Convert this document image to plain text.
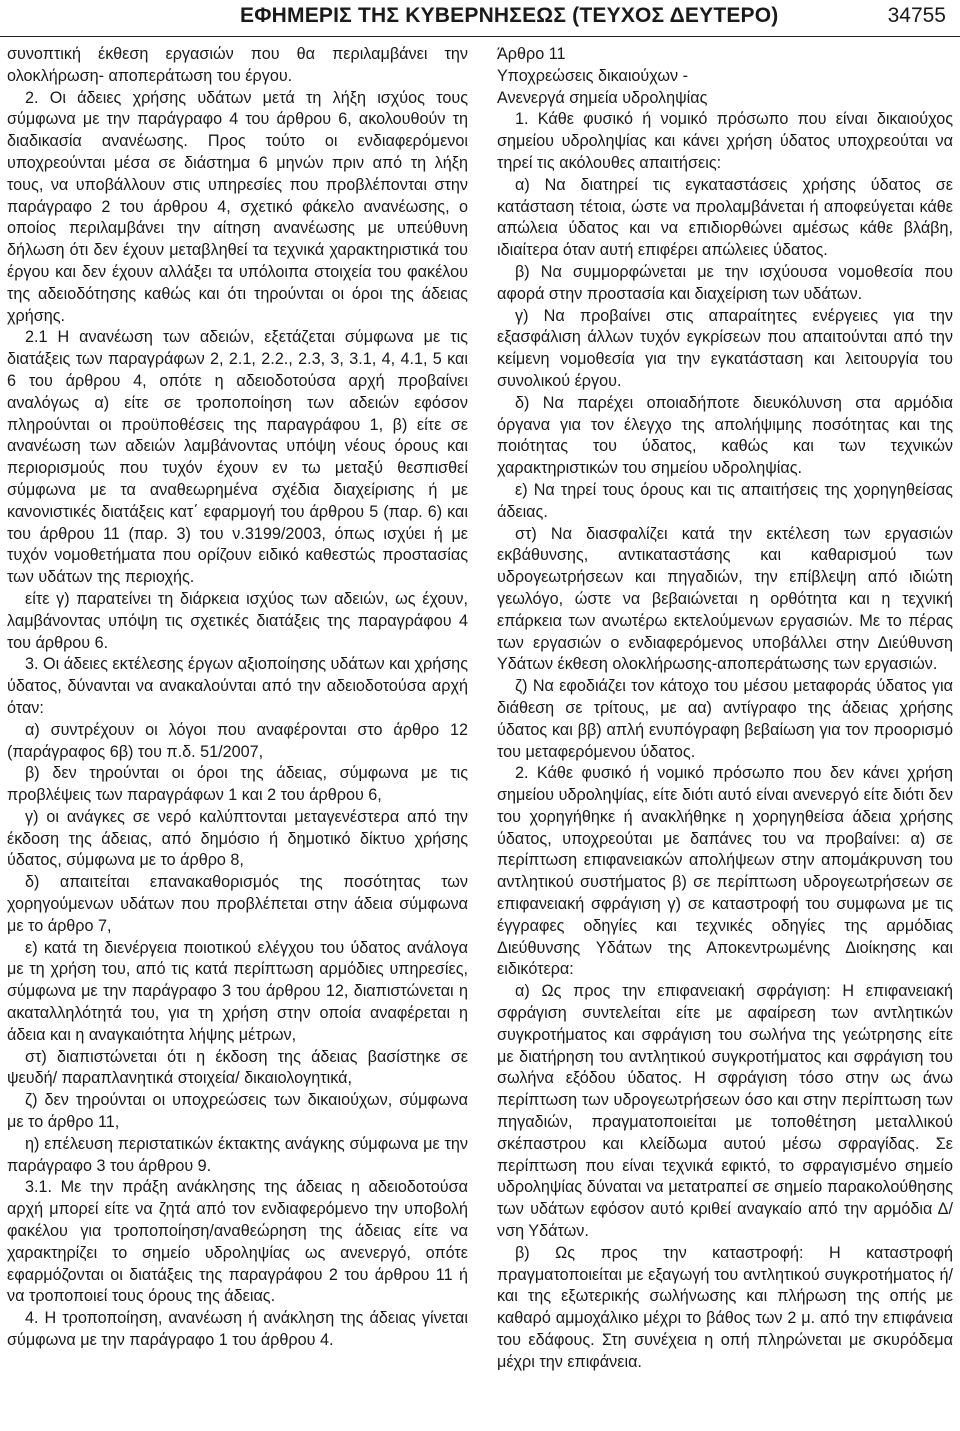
ΕΦΗΜΕΡΙΣ ΤΗΣ ΚΥΒΕΡΝΗΣΕΩΣ (ΤΕΥΧΟΣ ΔΕΥΤΕΡΟ)	34755

συνοπτική έκθεση εργασιών που θα περιλαμβάνει την ολοκλήρωση- αποπεράτωση του έργου.

2. Οι άδειες χρήσης υδάτων μετά τη λήξη ισχύος τους σύμφωνα με την παράγραφο 4 του άρθρου 6, ακολουθούν τη διαδικασία ανανέωσης. Προς τούτο οι ενδιαφερόμενοι υποχρεούνται μέσα σε διάστημα 6 μηνών πριν από τη λήξη τους, να υποβάλλουν στις υπηρεσίες που προβλέπονται στην παράγραφο 2 του άρθρου 4, σχετικό φάκελο ανανέωσης, ο οποίος περιλαμβάνει την αίτηση ανανέωσης με υπεύθυνη δήλωση ότι δεν έχουν μεταβληθεί τα τεχνικά χαρακτηριστικά του έργου και δεν έχουν αλλάξει τα υπόλοιπα στοιχεία του φακέλου της αδειοδότησης καθώς και ότι τηρούνται οι όροι της άδειας χρήσης.

2.1 Η ανανέωση των αδειών, εξετάζεται σύμφωνα με τις διατάξεις των παραγράφων 2, 2.1, 2.2., 2.3, 3, 3.1, 4, 4.1, 5 και 6 του άρθρου 4, οπότε η αδειοδοτούσα αρχή προβαίνει αναλόγως α) είτε σε τροποποίηση των αδειών εφόσον πληρούνται οι προϋποθέσεις της παραγράφου 1, β) είτε σε ανανέωση των αδειών λαμβάνοντας υπόψη νέους όρους και περιορισμούς που τυχόν έχουν εν τω μεταξύ θεσπισθεί σύμφωνα με τα αναθεωρημένα σχέδια διαχείρισης ή με κανονιστικές διατάξεις κατ΄ εφαρμογή του άρθρου 5 (παρ. 6) και του άρθρου 11 (παρ. 3) του ν.3199/2003, όπως ισχύει ή με τυχόν νομοθετήματα που ορίζουν ειδικό καθεστώς προστασίας των υδάτων της περιοχής.

είτε γ) παρατείνει τη διάρκεια ισχύος των αδειών, ως έχουν, λαμβάνοντας υπόψη τις σχετικές διατάξεις της παραγράφου 4 του άρθρου 6.

3. Οι άδειες εκτέλεσης έργων αξιοποίησης υδάτων και χρήσης ύδατος, δύνανται να ανακαλούνται από την αδειοδοτούσα αρχή όταν:

α) συντρέχουν οι λόγοι που αναφέρονται στο άρθρο 12 (παράγραφος 6β) του π.δ. 51/2007,

β) δεν τηρούνται οι όροι της άδειας, σύμφωνα με τις προβλέψεις των παραγράφων 1 και 2 του άρθρου 6,

γ) οι ανάγκες σε νερό καλύπτονται μεταγενέστερα από την έκδοση της άδειας, από δημόσιο ή δημοτικό δίκτυο χρήσης ύδατος, σύμφωνα με το άρθρο 8,

δ) απαιτείται επανακαθορισμός της ποσότητας των χορηγούμενων υδάτων που προβλέπεται στην άδεια σύμφωνα με το άρθρο 7,

ε) κατά τη διενέργεια ποιοτικού ελέγχου του ύδατος ανάλογα με τη χρήση του, από τις κατά περίπτωση αρμόδιες υπηρεσίες, σύμφωνα με την παράγραφο 3 του άρθρου 12, διαπιστώνεται η ακαταλληλότητά του, για τη χρήση στην οποία αναφέρεται η άδεια και η αναγκαιότητα λήψης μέτρων,

στ) διαπιστώνεται ότι η έκδοση της άδειας βασίστηκε σε ψευδή/ παραπλανητικά στοιχεία/ δικαιολογητικά,

ζ) δεν τηρούνται οι υποχρεώσεις των δικαιούχων, σύμφωνα με το άρθρο 11,

η) επέλευση περιστατικών έκτακτης ανάγκης σύμφωνα με την παράγραφο 3 του άρθρου 9.

3.1. Με την πράξη ανάκλησης της άδειας η αδειοδοτούσα αρχή μπορεί είτε να ζητά από τον ενδιαφερόμενο την υποβολή φακέλου για τροποποίηση/αναθεώρηση της άδειας είτε να χαρακτηρίζει το σημείο υδροληψίας ως ανενεργό, οπότε εφαρμόζονται οι διατάξεις της παραγράφου 2 του άρθρου 11 ή να τροποποιεί τους όρους της άδειας.

4. Η τροποποίηση, ανανέωση ή ανάκληση της άδειας γίνεται σύμφωνα με την παράγραφο 1 του άρθρου 4.

Άρθρο 11

Υποχρεώσεις δικαιούχων -

Ανενεργά σημεία υδροληψίας

1. Κάθε φυσικό ή νομικό πρόσωπο που είναι δικαιούχος σημείου υδροληψίας και κάνει χρήση ύδατος υποχρεούται να τηρεί τις ακόλουθες απαιτήσεις:

α) Να διατηρεί τις εγκαταστάσεις χρήσης ύδατος σε κατάσταση τέτοια, ώστε να προλαμβάνεται ή αποφεύγεται κάθε απώλεια ύδατος και να επιδιορθώνει αμέσως κάθε βλάβη, ιδιαίτερα όταν αυτή επιφέρει απώλειες ύδατος.

β) Να συμμορφώνεται με την ισχύουσα νομοθεσία που αφορά στην προστασία και διαχείριση των υδάτων.

γ) Να προβαίνει στις απαραίτητες ενέργειες για την εξασφάλιση άλλων τυχόν εγκρίσεων που απαιτούνται από την κείμενη νομοθεσία για την εγκατάσταση και λειτουργία του συνολικού έργου.

δ) Να παρέχει οποιαδήποτε διευκόλυνση στα αρμόδια όργανα για τον έλεγχο της απολήψιμης ποσότητας και της ποιότητας του ύδατος, καθώς και των τεχνικών χαρακτηριστικών του σημείου υδροληψίας.

ε) Να τηρεί τους όρους και τις απαιτήσεις της χορηγηθείσας άδειας.

στ) Να διασφαλίζει κατά την εκτέλεση των εργασιών εκβάθυνσης, αντικαταστάσης και καθαρισμού των υδρογεωτρήσεων και πηγαδιών, την επίβλεψη από ιδιώτη γεωλόγο, ώστε να βεβαιώνεται η ορθότητα και η τεχνική επάρκεια των ανωτέρω εκτελούμενων εργασιών. Με το πέρας των εργασιών ο ενδιαφερόμενος υποβάλλει στην Διεύθυνση Υδάτων έκθεση ολοκλήρωσης-αποπεράτωσης των εργασιών.

ζ) Να εφοδιάζει τον κάτοχο του μέσου μεταφοράς ύδατος για διάθεση σε τρίτους, με αα) αντίγραφο της άδειας χρήσης ύδατος και ββ) απλή ενυπόγραφη βεβαίωση για τον προορισμό του μεταφερόμενου ύδατος.

2. Κάθε φυσικό ή νομικό πρόσωπο που δεν κάνει χρήση σημείου υδροληψίας, είτε διότι αυτό είναι ανενεργό είτε διότι δεν του χορηγήθηκε ή ανακλήθηκε η χορηγηθείσα άδεια χρήσης ύδατος, υποχρεούται με δαπάνες του να προβαίνει: α) σε περίπτωση επιφανειακών απολήψεων στην απομάκρυνση του αντλητικού συστήματος β) σε περίπτωση υδρογεωτρήσεων σε επιφανειακή σφράγιση γ) σε καταστροφή του συμφωνα με τις έγγραφες οδηγίες και τεχνικές οδηγίες της αρμόδιας Διεύθυνσης Υδάτων της Αποκεντρωμένης Διοίκησης και ειδικότερα:

α) Ως προς την επιφανειακή σφράγιση: Η επιφανειακή σφράγιση συντελείται είτε με αφαίρεση των αντλητικών συγκροτήματος και σφράγιση του σωλήνα της γεώτρησης είτε με διατήρηση του αντλητικού συγκροτήματος και σφράγιση του σωλήνα εξόδου ύδατος. Η σφράγιση τόσο στην ως άνω περίπτωση των υδρογεωτρήσεων όσο και στην περίπτωση των πηγαδιών, πραγματοποιείται με τοποθέτηση μεταλλικού σκέπαστρου και κλείδωμα αυτού μέσω σφραγίδας. Σε περίπτωση που είναι τεχνικά εφικτό, το σφραγισμένο σημείο υδροληψίας δύναται να μετατραπεί σε σημείο παρακολούθησης των υδάτων εφόσον αυτό κριθεί αναγκαίο από την αρμόδια Δ/νση Υδάτων.

β) Ως προς την καταστροφή: Η καταστροφή πραγματοποιείται με εξαγωγή του αντλητικού συγκροτήματος ή/και της εξωτερικής σωλήνωσης και πλήρωση της οπής με καθαρό αμμοχάλικο μέχρι το βάθος των 2 μ. από την επιφάνεια του εδάφους. Στη συνέχεια η οπή πληρώνεται με σκυρόδεμα μέχρι την επιφάνεια.
